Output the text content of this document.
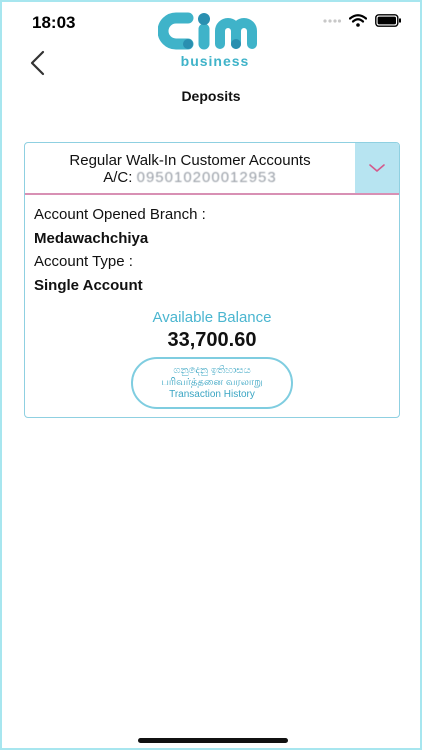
18:03
business
Deposits
Regular Walk-In Customer Accounts
A/C: 095010200012953
Account Opened Branch :
Medawachchiya
Account Type :
Single Account
Available Balance
33,700.60
ගනුදෙනු ඉතිහාසය
பரிவர்த்தனை வரலாறு
Transaction History
